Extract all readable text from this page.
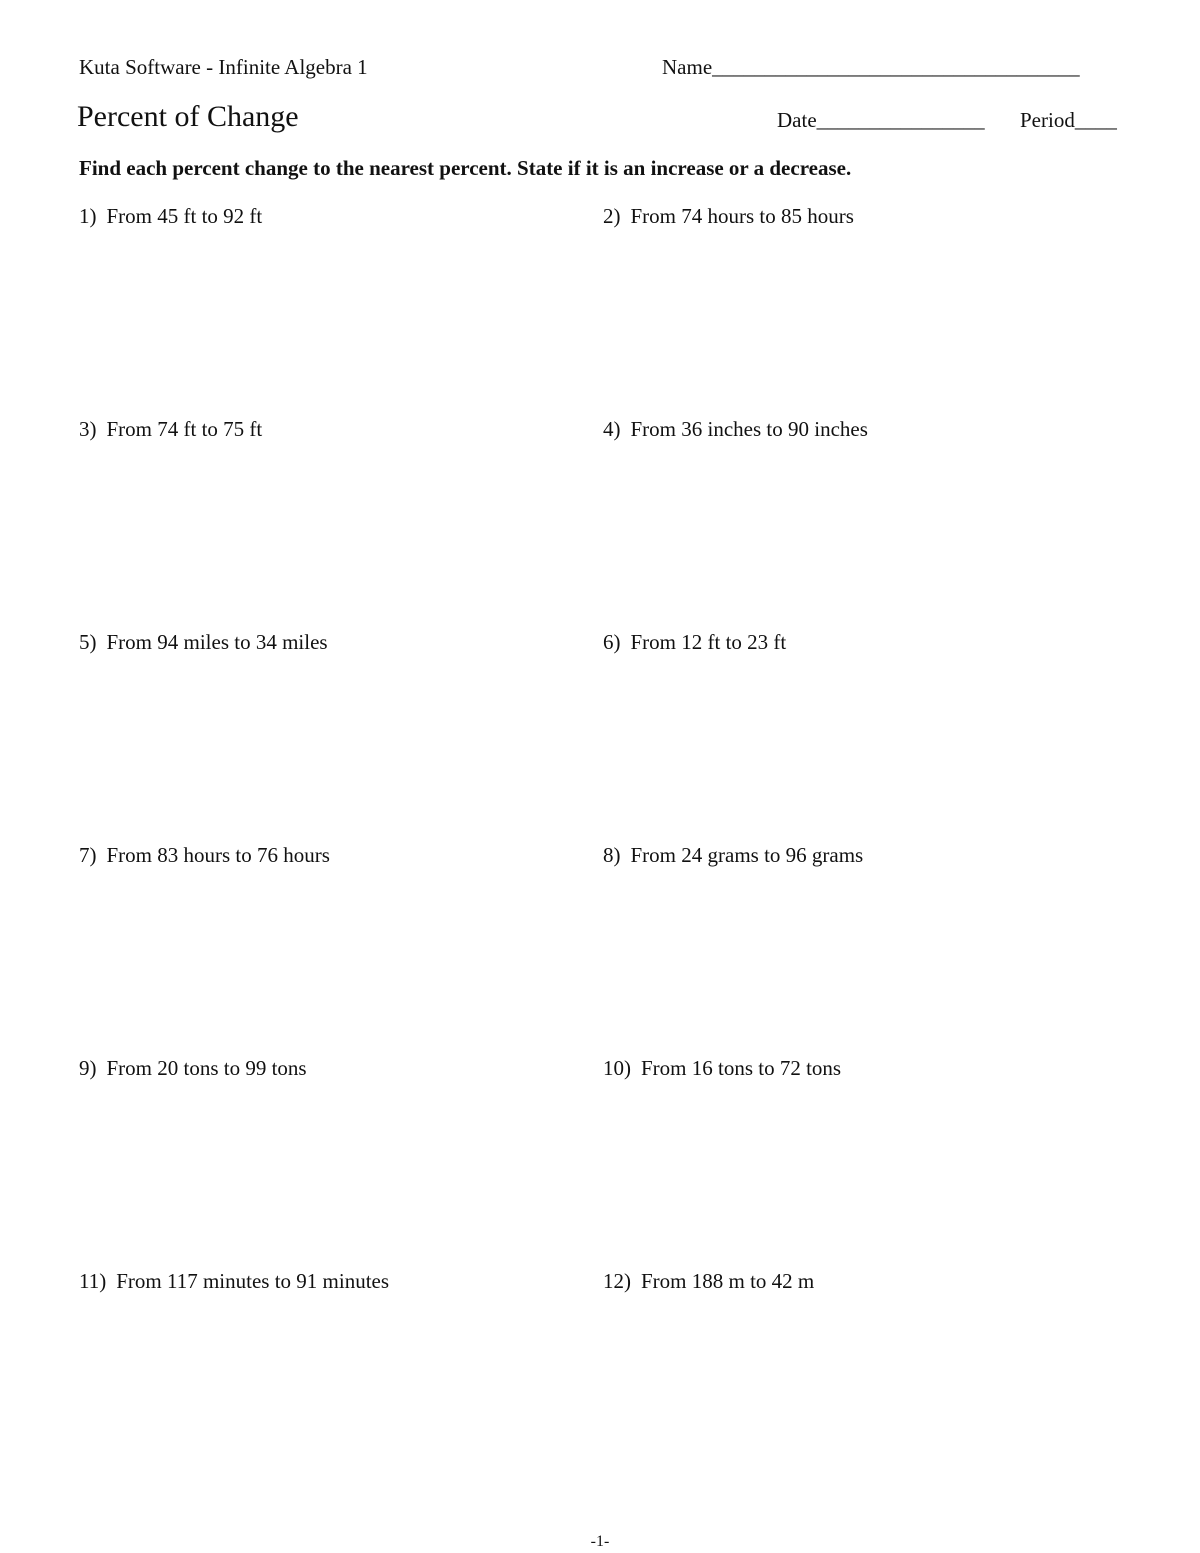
Kuta Software - Infinite Algebra 1	Name___________________________________
Percent of Change	Date________________ Period____
Find each percent change to the nearest percent. State if it is an increase or a decrease.
1) From 45 ft to 92 ft	2) From 74 hours to 85 hours
3) From 74 ft to 75 ft	4) From 36 inches to 90 inches
5) From 94 miles to 34 miles	6) From 12 ft to 23 ft
7) From 83 hours to 76 hours	8) From 24 grams to 96 grams
9) From 20 tons to 99 tons	10) From 16 tons to 72 tons
11) From 117 minutes to 91 minutes	12) From 188 m to 42 m
-1-
